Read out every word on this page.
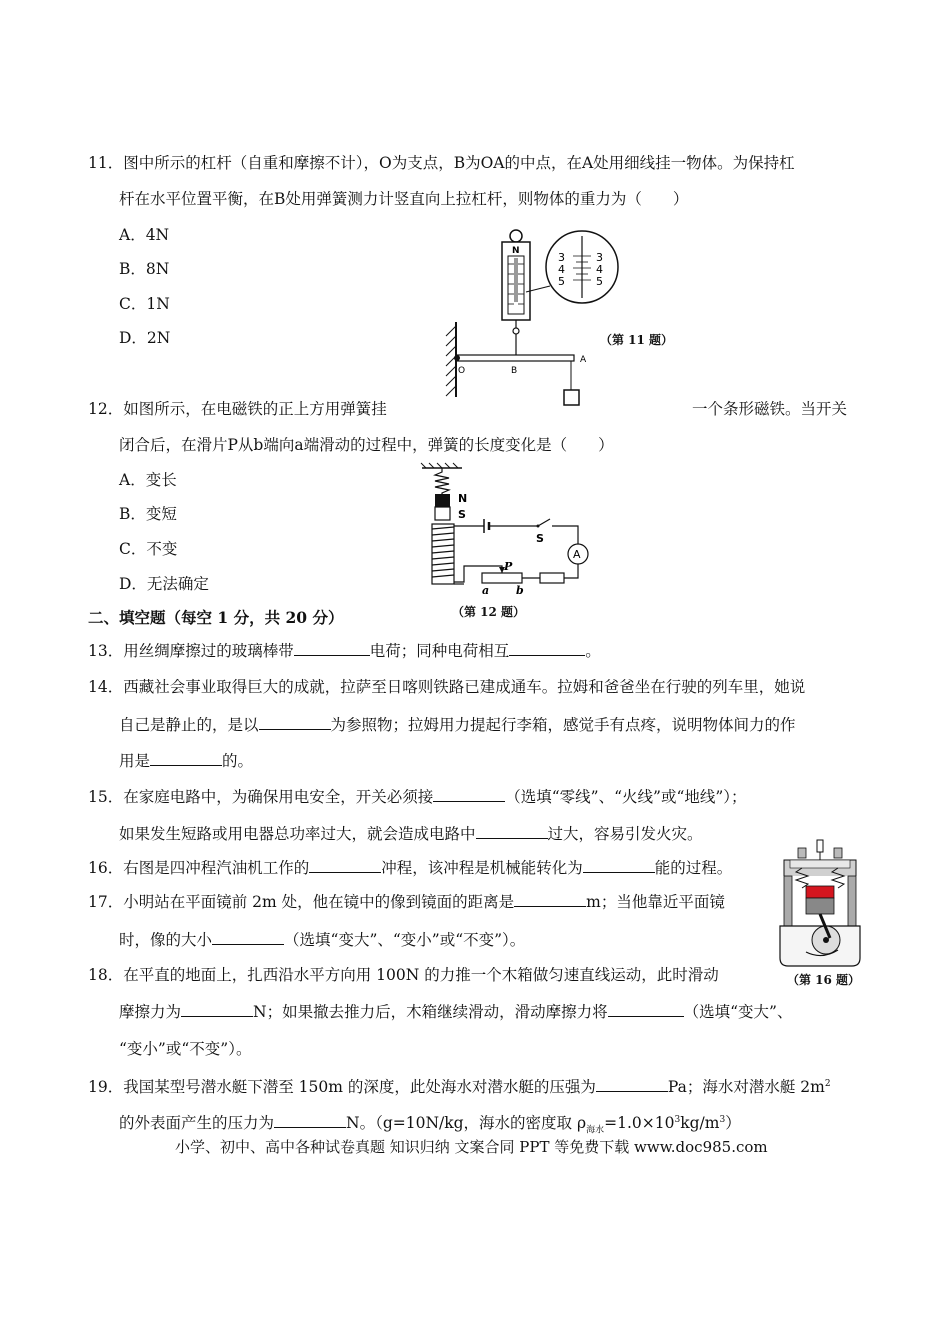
11．图中所示的杠杆（自重和摩擦不计），O为支点，B为OA的中点，在A处用细线挂一物体。为保持杠
杆在水平位置平衡，在B处用弹簧测力计竖直向上拉杠杆，则物体的重力为（　　）
A．4N
B．8N
C．1N
D．2N
N	3
4
5
3
4
5
O	B
A
（第 11 题）
12．如图所示，在电磁铁的正上方用弹簧挂	一个条形磁铁。当开关
闭合后，在滑片P从b端向a端滑动的过程中，弹簧的长度变化是（　　）
A．变长
B．变短
C．不变
D．无法确定
N
S
S
A
P
a b
（第 12 题）
二、填空题（每空 1 分，共 20 分）
13．用丝绸摩擦过的玻璃棒带	电荷；同种电荷相互	。
14．西藏社会事业取得巨大的成就，拉萨至日喀则铁路已建成通车。拉姆和爸爸坐在行驶的列车里，她说
自己是静止的，是以	为参照物；拉姆用力提起行李箱，感觉手有点疼，说明物体间力的作
用是	的。
15．在家庭电路中，为确保用电安全，开关必须接	（选填“零线”、“火线”或“地线”）；
如果发生短路或用电器总功率过大，就会造成电路中	过大，容易引发火灾。
16．右图是四冲程汽油机工作的	冲程，该冲程是机械能转化为	能的过程。
（第 16 题）
17．小明站在平面镜前 2m 处，他在镜中的像到镜面的距离是	m；当他靠近平面镜
时，像的大小	（选填“变大”、“变小”或“不变”）。
18．在平直的地面上，扎西沿水平方向用 100N 的力推一个木箱做匀速直线运动，此时滑动
摩擦力为	N；如果撤去推力后，木箱继续滑动，滑动摩擦力将	（选填“变大”、
“变小”或“不变”）。
19．我国某型号潜水艇下潜至 150m 的深度，此处海水对潜水艇的压强为	Pa；海水对潜水艇 $2m^2$
的外表面产生的压力为	N。（g=10N/kg，海水的密度取 $\rho_{海水}=1.0\times 10^3kg/m^3$）
小学、初中、高中各种试卷真题 知识归纳 文案合同 PPT 等免费下载 www.doc985.com
